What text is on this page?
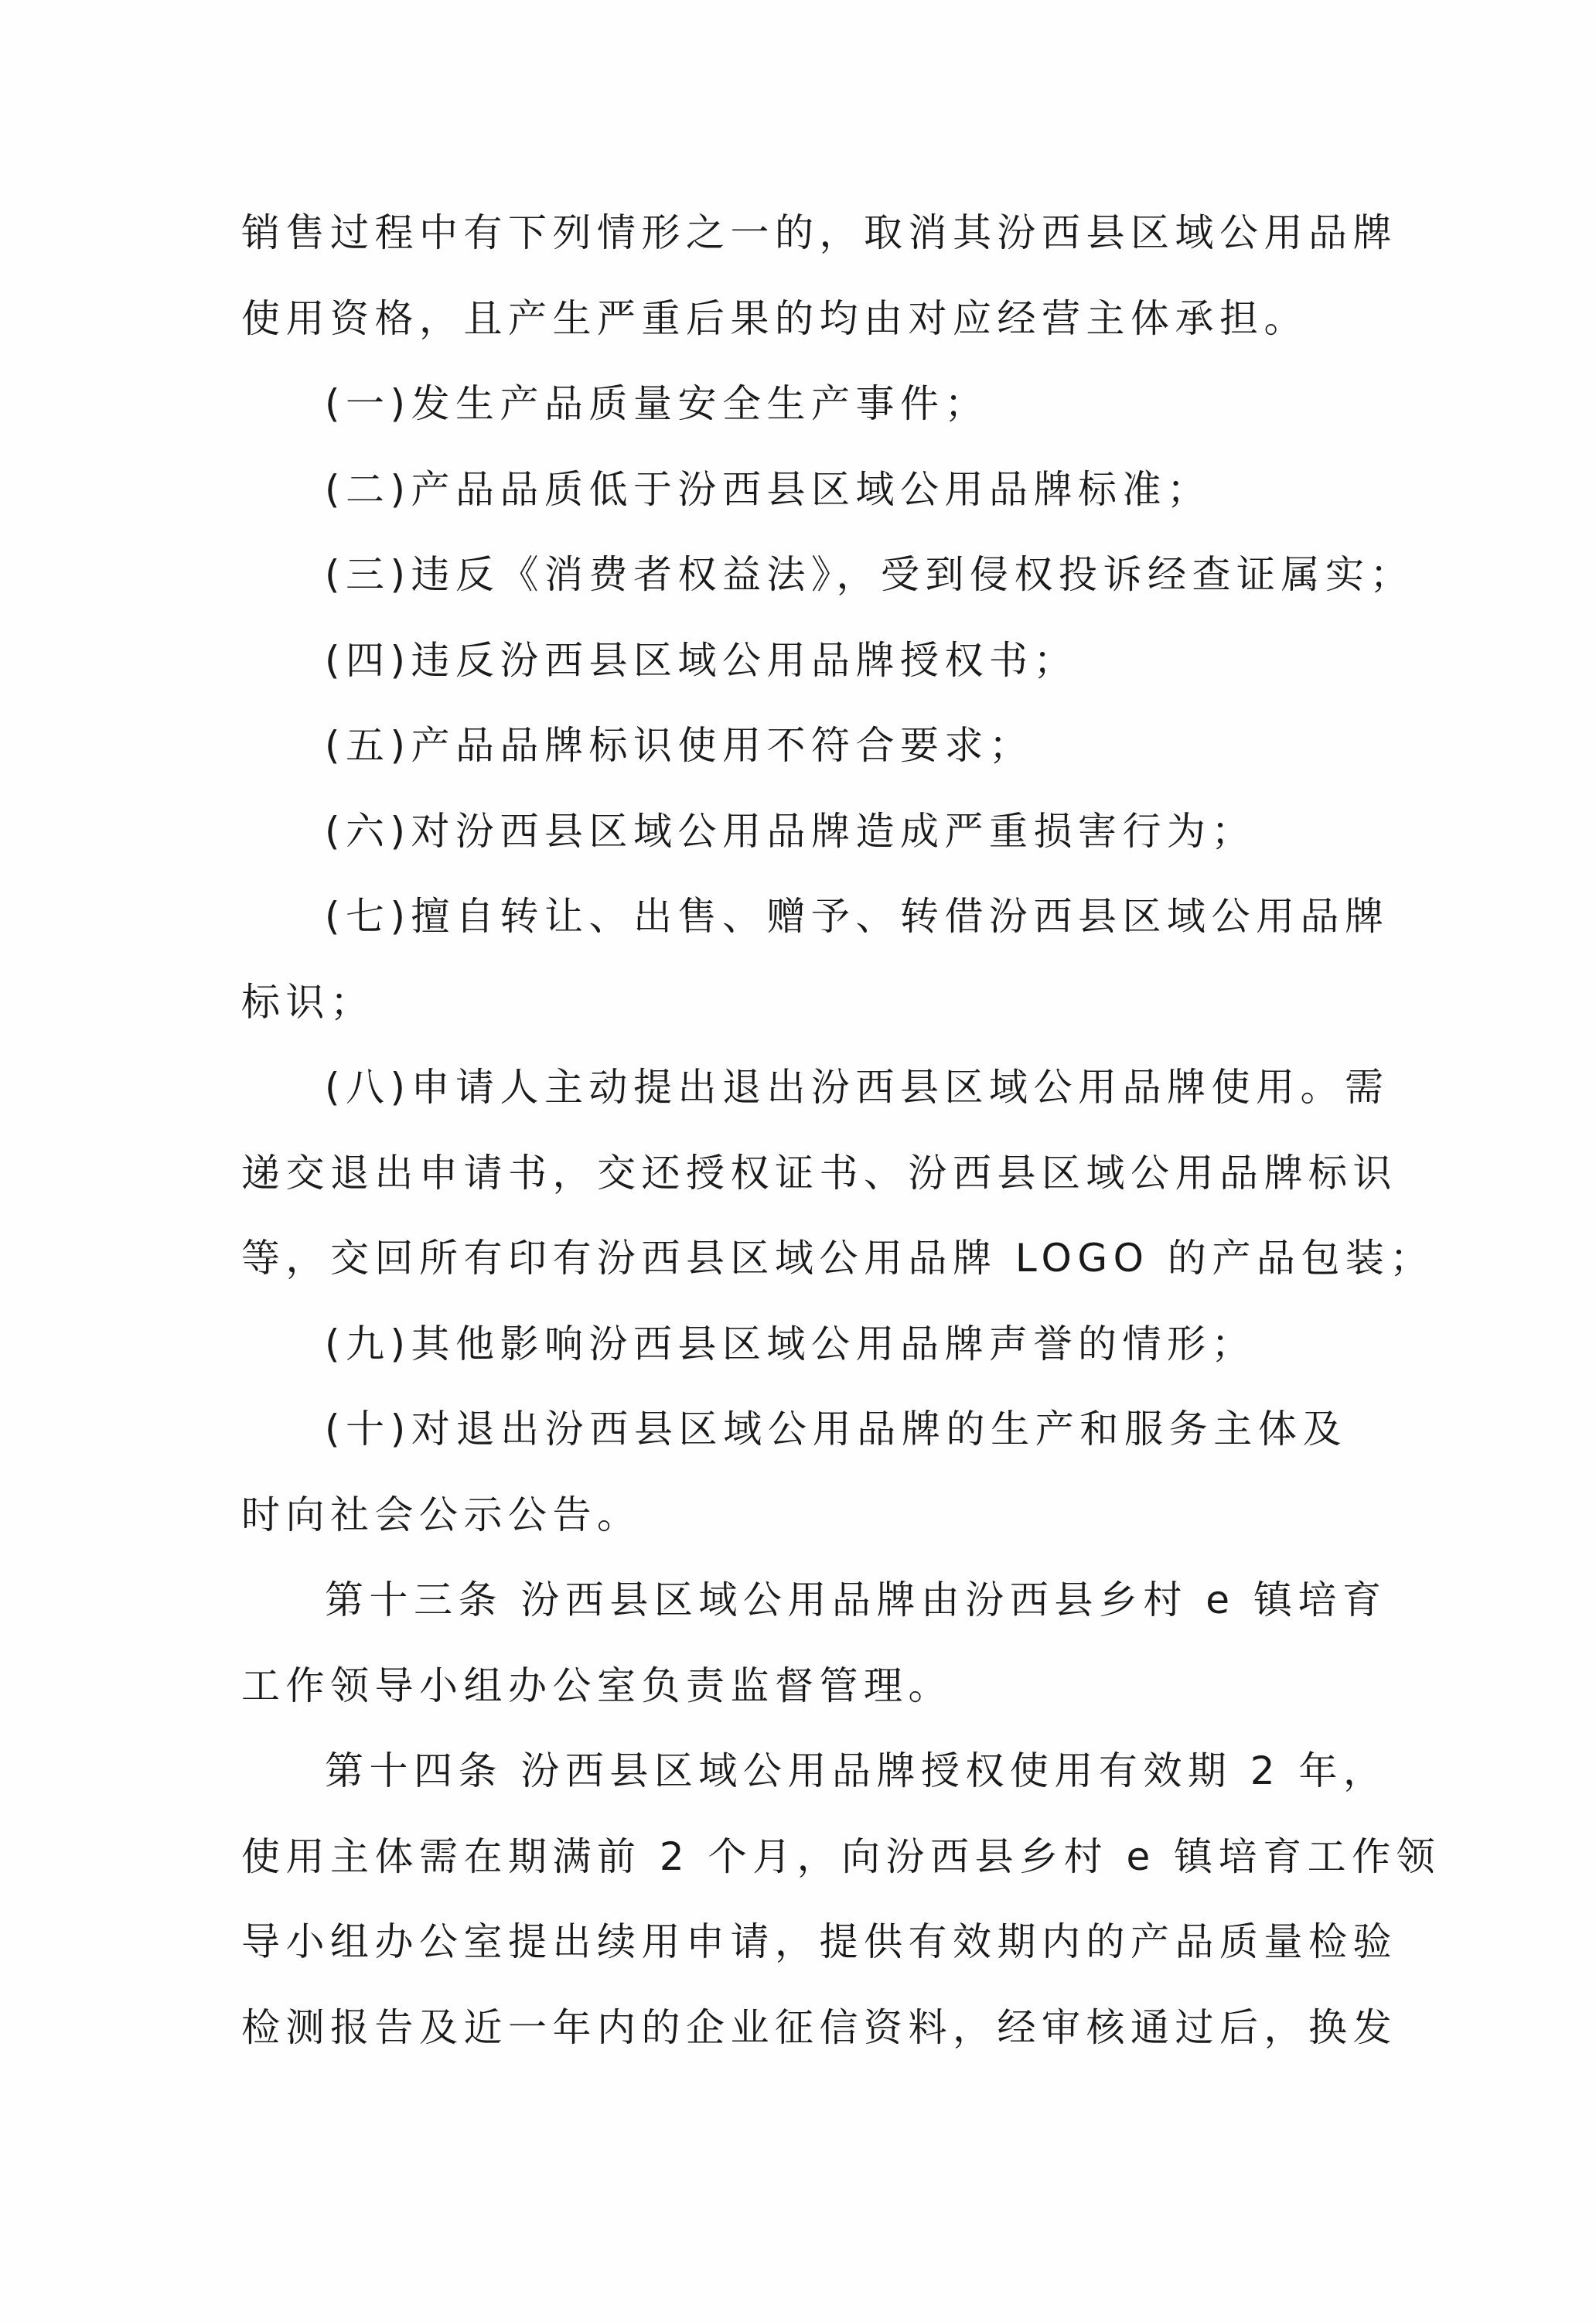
销售过程中有下列情形之一的，取消其汾西县区域公用品牌
使用资格，且产生严重后果的均由对应经营主体承担。
(一)发生产品质量安全生产事件；
(二)产品品质低于汾西县区域公用品牌标准；
(三)违反《消费者权益法》，受到侵权投诉经查证属实；
(四)违反汾西县区域公用品牌授权书；
(五)产品品牌标识使用不符合要求；
(六)对汾西县区域公用品牌造成严重损害行为；
(七)擅自转让、出售、赠予、转借汾西县区域公用品牌
标识；
(八)申请人主动提出退出汾西县区域公用品牌使用。需
递交退出申请书，交还授权证书、汾西县区域公用品牌标识
等，交回所有印有汾西县区域公用品牌 LOGO 的产品包装；
(九)其他影响汾西县区域公用品牌声誉的情形；
(十)对退出汾西县区域公用品牌的生产和服务主体及
时向社会公示公告。
第十三条 汾西县区域公用品牌由汾西县乡村 e 镇培育
工作领导小组办公室负责监督管理。
第十四条 汾西县区域公用品牌授权使用有效期 2 年，
使用主体需在期满前 2 个月，向汾西县乡村 e 镇培育工作领
导小组办公室提出续用申请，提供有效期内的产品质量检验
检测报告及近一年内的企业征信资料，经审核通过后，换发
